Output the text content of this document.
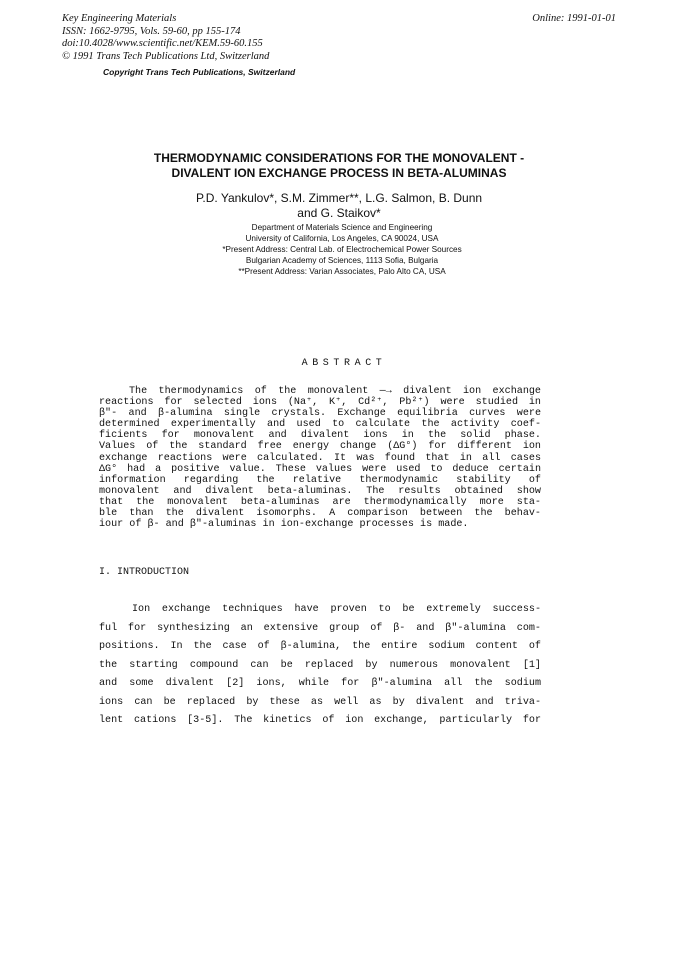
Key Engineering Materials
ISSN: 1662-9795, Vols. 59-60, pp 155-174
doi:10.4028/www.scientific.net/KEM.59-60.155
© 1991 Trans Tech Publications Ltd, Switzerland
Online: 1991-01-01
Copyright Trans Tech Publications, Switzerland
THERMODYNAMIC CONSIDERATIONS FOR THE MONOVALENT -
DIVALENT ION EXCHANGE PROCESS IN BETA-ALUMINAS
P.D. Yankulov*, S.M. Zimmer**, L.G. Salmon, B. Dunn
and G. Staikov*
Department of Materials Science and Engineering
University of California, Los Angeles, CA 90024, USA
*Present Address: Central Lab. of Electrochemical Power Sources
Bulgarian Academy of Sciences, 1113 Sofia, Bulgaria
**Present Address: Varian Associates, Palo Alto CA, USA
ABSTRACT
The thermodynamics of the monovalent —→ divalent ion exchange
reactions for selected ions (Na⁺, K⁺, Cd²⁺, Pb²⁺) were studied in
β"- and β-alumina single crystals. Exchange equilibria curves were
determined experimentally and used to calculate the activity coef-
ficients for monovalent and divalent ions in the solid phase.
Values of the standard free energy change (ΔG°) for different ion
exchange reactions were calculated. It was found that in all cases
ΔG° had a positive value. These values were used to deduce certain
information regarding the relative thermodynamic stability of
monovalent and divalent beta-aluminas. The results obtained show
that the monovalent beta-aluminas are thermodynamically more sta-
ble than the divalent isomorphs. A comparison between the behav-
iour of β- and β"-aluminas in ion-exchange processes is made.
I. INTRODUCTION
Ion exchange techniques have proven to be extremely success-
ful for synthesizing an extensive group of β- and β"-alumina com-
positions. In the case of β-alumina, the entire sodium content of
the starting compound can be replaced by numerous monovalent [1]
and some divalent [2] ions, while for β"-alumina all the sodium
ions can be replaced by these as well as by divalent and triva-
lent cations [3-5]. The kinetics of ion exchange, particularly for
